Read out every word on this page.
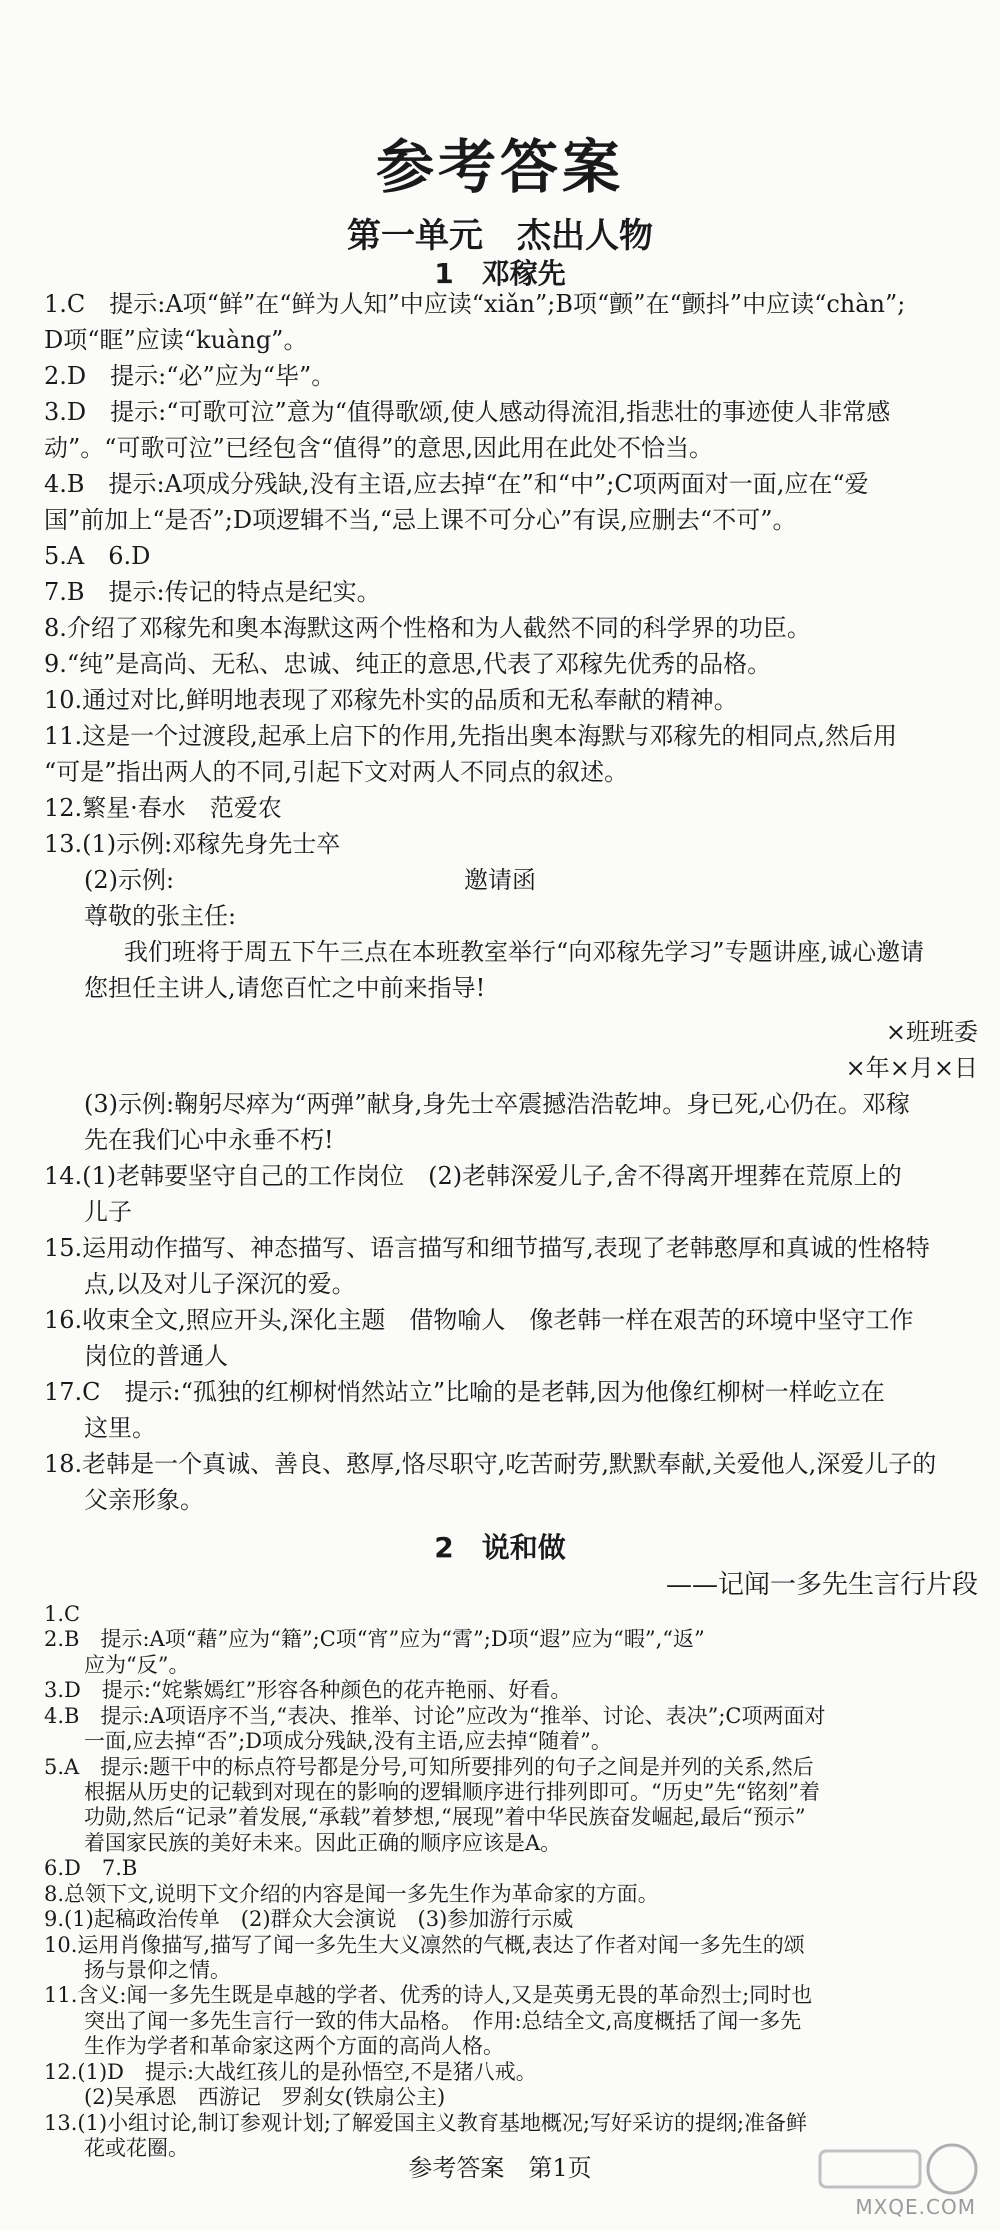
参考答案
第一单元　杰出人物
1　邓稼先
1.C　提示:A项“鲜”在“鲜为人知”中应读“xiǎn”;B项“颤”在“颤抖”中应读“chàn”;
D项“眶”应读“kuàng”。
2.D　提示:“必”应为“毕”。
3.D　提示:“可歌可泣”意为“值得歌颂,使人感动得流泪,指悲壮的事迹使人非常感
动”。“可歌可泣”已经包含“值得”的意思,因此用在此处不恰当。
4.B　提示:A项成分残缺,没有主语,应去掉“在”和“中”;C项两面对一面,应在“爱
国”前加上“是否”;D项逻辑不当,“忌上课不可分心”有误,应删去“不可”。
5.A　6.D
7.B　提示:传记的特点是纪实。
8.介绍了邓稼先和奥本海默这两个性格和为人截然不同的科学界的功臣。
9.“纯”是高尚、无私、忠诚、纯正的意思,代表了邓稼先优秀的品格。
10.通过对比,鲜明地表现了邓稼先朴实的品质和无私奉献的精神。
11.这是一个过渡段,起承上启下的作用,先指出奥本海默与邓稼先的相同点,然后用
“可是”指出两人的不同,引起下文对两人不同点的叙述。
12.繁星·春水　范爱农
13.(1)示例:邓稼先身先士卒
(2)示例:	邀请函
尊敬的张主任:
我们班将于周五下午三点在本班教室举行“向邓稼先学习”专题讲座,诚心邀请
您担任主讲人,请您百忙之中前来指导!
×班班委
×年×月×日
(3)示例:鞠躬尽瘁为“两弹”献身,身先士卒震撼浩浩乾坤。身已死,心仍在。邓稼
先在我们心中永垂不朽!
14.(1)老韩要坚守自己的工作岗位　(2)老韩深爱儿子,舍不得离开埋葬在荒原上的
儿子
15.运用动作描写、神态描写、语言描写和细节描写,表现了老韩憨厚和真诚的性格特
点,以及对儿子深沉的爱。
16.收束全文,照应开头,深化主题　借物喻人　像老韩一样在艰苦的环境中坚守工作
岗位的普通人
17.C　提示:“孤独的红柳树悄然站立”比喻的是老韩,因为他像红柳树一样屹立在
这里。
18.老韩是一个真诚、善良、憨厚,恪尽职守,吃苦耐劳,默默奉献,关爱他人,深爱儿子的
父亲形象。
2　说和做
——记闻一多先生言行片段
1.C
2.B　提示:A项“藉”应为“籍”;C项“宵”应为“霄”;D项“遐”应为“暇”,“返”
应为“反”。
3.D　提示:“姹紫嫣红”形容各种颜色的花卉艳丽、好看。
4.B　提示:A项语序不当,“表决、推举、讨论”应改为“推举、讨论、表决”;C项两面对
一面,应去掉“否”;D项成分残缺,没有主语,应去掉“随着”。
5.A　提示:题干中的标点符号都是分号,可知所要排列的句子之间是并列的关系,然后
根据从历史的记载到对现在的影响的逻辑顺序进行排列即可。“历史”先“铭刻”着
功勋,然后“记录”着发展,“承载”着梦想,“展现”着中华民族奋发崛起,最后“预示”
着国家民族的美好未来。因此正确的顺序应该是A。
6.D　7.B
8.总领下文,说明下文介绍的内容是闻一多先生作为革命家的方面。
9.(1)起稿政治传单　(2)群众大会演说　(3)参加游行示威
10.运用肖像描写,描写了闻一多先生大义凛然的气概,表达了作者对闻一多先生的颂
扬与景仰之情。
11.含义:闻一多先生既是卓越的学者、优秀的诗人,又是英勇无畏的革命烈士;同时也
突出了闻一多先生言行一致的伟大品格。　作用:总结全文,高度概括了闻一多先
生作为学者和革命家这两个方面的高尚人格。
12.(1)D　提示:大战红孩儿的是孙悟空,不是猪八戒。
(2)吴承恩　西游记　罗刹女(铁扇公主)
13.(1)小组讨论,制订参观计划;了解爱国主义教育基地概况;写好采访的提纲;准备鲜
花或花圈。
参考答案　第1页
MXQE.COM
